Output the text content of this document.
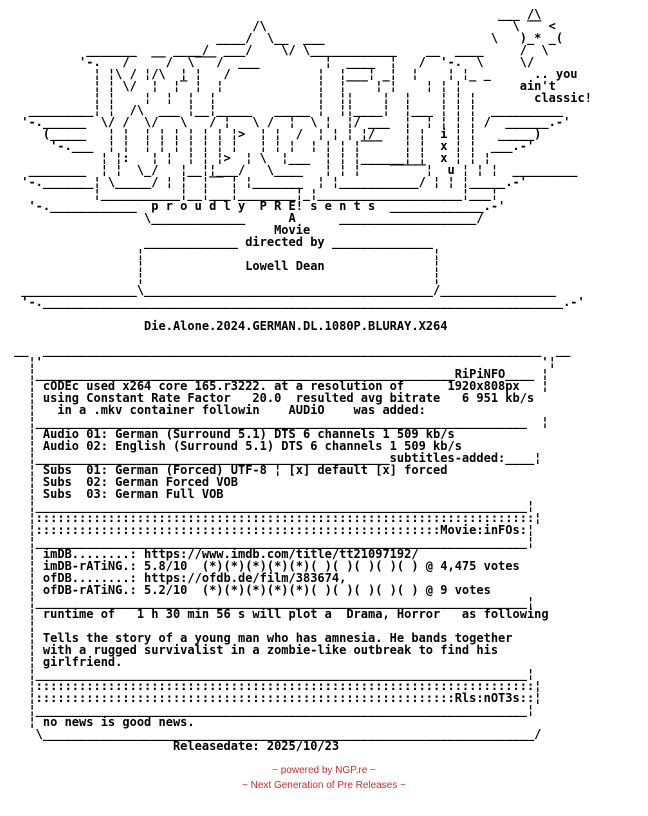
___ /\
/\                                  \ ‾‾ <
____/  \__  ___                       \   )_* _(
_______     ____/  ___/    \/ \____________    __  ____     /  \
'-.   /   ‾‾/  \‾‾‾/  ___         ¦  ____  ¦   /  '-.  \     \/
¦ ¦\ / ¦/\  ¦ ¦   /            ¦  ¦   ¦  ¦  ¦    ¦ ¦  _      .. you
¦ ¦ \/  ¦  ¦‾ ¦  ¦             ¦  ¦‾‾‾ ¦‾¦    ¦ ¦ ¦ ‾      ain't
¦ ¦    ¦  ¦  ¦  ¦              ¦  ¦¦    ¦  ¦    ¦ ¦ ¦        classic!
_________¦ ¦  /\  ___ ¦__¦_____   _____ ¦  ¦¦____¦  ¦___ ¦ ¦ ¦  __________
'-.______  \/ /  \/   \   / ¦   \ /  ¦  \ ¦  ¦/ ___  ¦  ¦ ¦ ¦ ¦ /  ______.-'
(_____   ¦ ¦  ¦ ¦ ¦ ¦ ¦ ¦ ¦>  ¦ ¦  /  ¦ ¦ ¦ ¦/    ¦ ¦  i ¦ ¦   _____)
'-.___  ¦ ¦  ¦ ¦ ¦ ¦ ¦ ¦ ¦   ¦ ¦ ¦  ¦ ¦ ¦ ¦‾‾‾   ¦ ¦  x ¦ ¦  ___.-'
¦ ¦:   ¦ ¦  ¦ ¦ ¦>  ¦ \  ¦___  ¦ ¦ ¦______¦ ¦  x ¦ ¦ ¦
________  ¦ ¦  \_/   ¦__¦¦___/   \____   ¦ ¦ ¦    ‾‾‾‾‾¦  u ¦ ¦ ¦  _________
'-._______¦ \_____/ ¦ ¦  ¦‾‾ ¦ ¦_______  ¦ ¦___________/ ¦ ¦ ¦_____.-'
¦___________¦__¦___¦________¦_¦____________________¦___¦
'-.____________  p r o u d l y  P R E! s e n t s  _____________.-'
\_____________      A      ___________________/
Movie
_____________ directed by ______________
¦                                        ¦
¦              Lowell Dean               ¦
¦                                        ¦
________________\________________________________________/________________
'-.________________________________________________________________________.-'

Die.Alone.2024.GERMAN.DL.1080P.BLURAY.X264

__  _____________________________________________________________________  __
¦'                                                                     '¦
¦__________________________________________________________RiPiNFO____ ¦
¦ cODEc used x264 core 165.r3222. at a resolution of      1920x808px   ¦
¦ using Constant Rate Factor   20.0  resulted avg bitrate   6 951 kb/s
¦   in a .mkv container followin    AUDiO    was added:
¦____________________________________________________________________  ¦
¦ Audio 01: German (Surround 5.1) DTS 6 channels 1 509 kb/s
¦ Audio 02: English (Surround 5.1) DTS 6 channels 1 509 kb/s
¦_________________________________________________subtitles-added:____¦
¦ Subs  01: German (Forced) UTF-8 ¦ [x] default [x] forced
¦ Subs  02: German Forced VOB
¦ Subs  03: German Full VOB
¦____________________________________________________________________¦
¦:::::::::::::::::::::::::::::::::::::::::::::::::::::::::::::::::::::¦
¦::::::::::::::::::::::::::::::::::::::::::::::::::::::::Movie:inFOs:¦
¦____________________________________________________________________¦
¦ imDB........: https://www.imdb.com/title/tt21097192/
¦ imDB-rATiNG.: 5.8/10  (*)(*)(*)(*)(*)( )( )( )( )( ) @ 4,475 votes
¦ ofDB........: https://ofdb.de/film/383674,
¦ ofDB-rATiNG.: 5.2/10  (*)(*)(*)(*)(*)( )( )( )( )( ) @ 9 votes
¦____________________________________________________________________¦
¦ runtime of   1 h 30 min 56 s will plot a  Drama, Horror   as following
¦
¦ Tells the story of a young man who has amnesia. He bands together
¦ with a rugged survivalist in a zombie-like outbreak to find his
¦ girlfriend.
¦____________________________________________________________________¦
¦:::::::::::::::::::::::::::::::::::::::::::::::::::::::::::::::::::::¦
¦::::::::::::::::::::::::::::::::::::::::::::::::::::::::::Rls:nOT3s::¦
¦____________________________________________________________________¦
¦ no news is good news.
\____________________________________________________________________/
Releasedate: 2025/10/23

~ powered by NGP.re ~
~ Next Generation of Pre Releases ~
